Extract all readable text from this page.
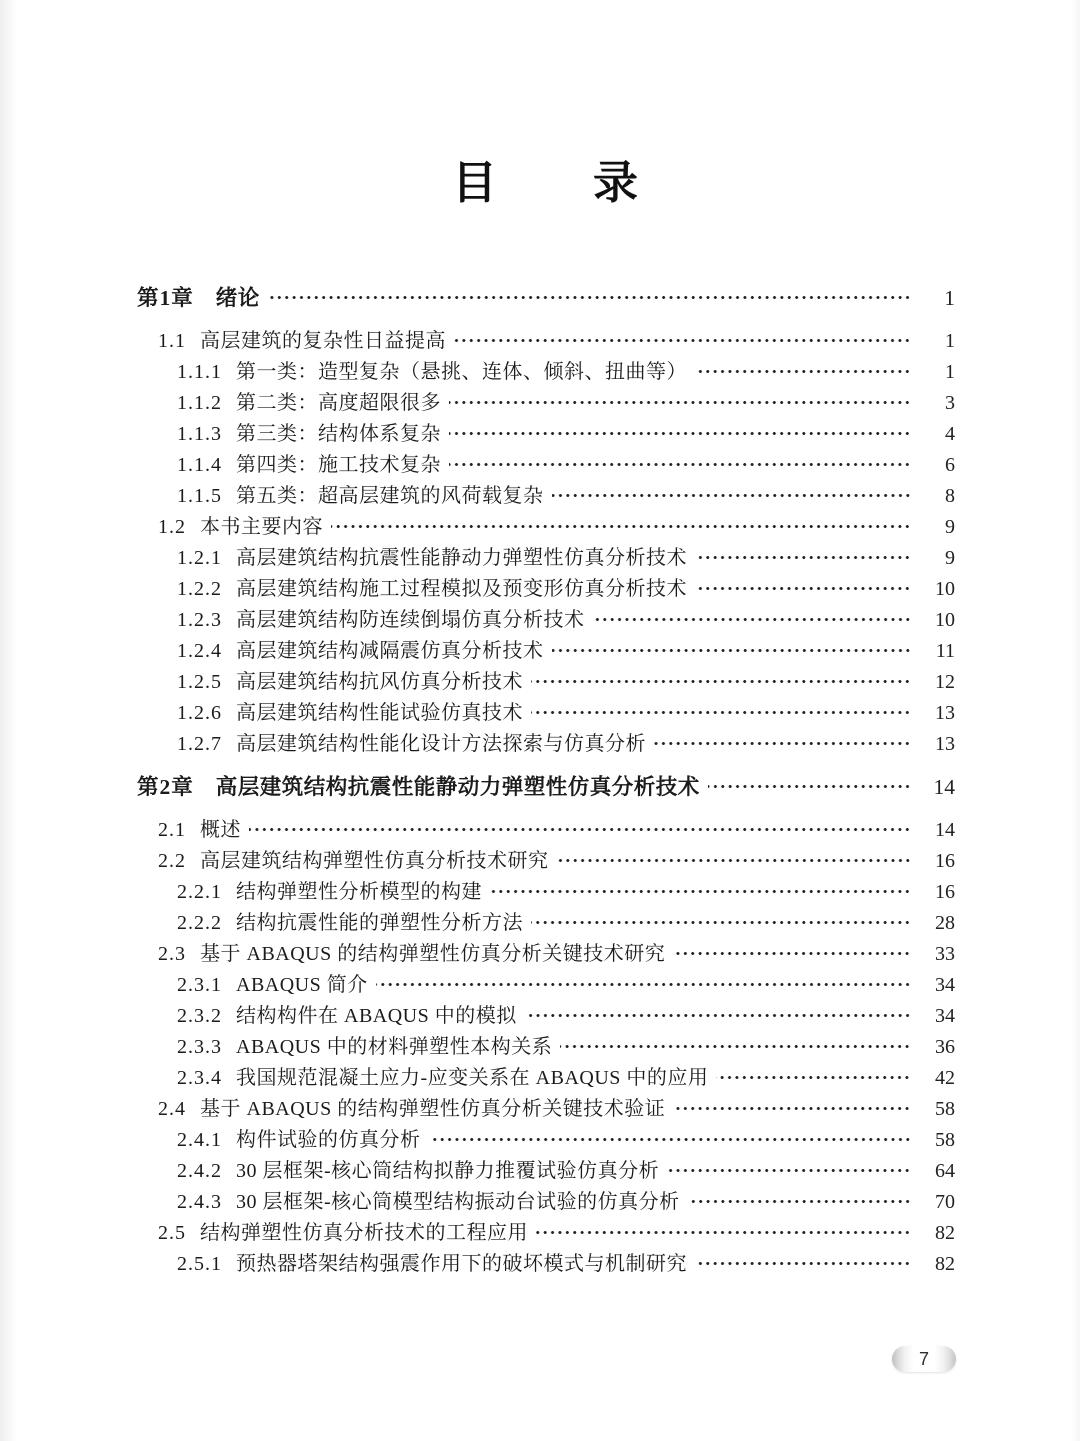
目　　录
第1章 绪论	1
1.1 高层建筑的复杂性日益提高	1
1.1.1 第一类：造型复杂（悬挑、连体、倾斜、扭曲等）	1
1.1.2 第二类：高度超限很多	3
1.1.3 第三类：结构体系复杂	4
1.1.4 第四类：施工技术复杂	6
1.1.5 第五类：超高层建筑的风荷载复杂	8
1.2 本书主要内容	9
1.2.1 高层建筑结构抗震性能静动力弹塑性仿真分析技术	9
1.2.2 高层建筑结构施工过程模拟及预变形仿真分析技术	10
1.2.3 高层建筑结构防连续倒塌仿真分析技术	10
1.2.4 高层建筑结构减隔震仿真分析技术	11
1.2.5 高层建筑结构抗风仿真分析技术	12
1.2.6 高层建筑结构性能试验仿真技术	13
1.2.7 高层建筑结构性能化设计方法探索与仿真分析	13
第2章 高层建筑结构抗震性能静动力弹塑性仿真分析技术	14
2.1 概述	14
2.2 高层建筑结构弹塑性仿真分析技术研究	16
2.2.1 结构弹塑性分析模型的构建	16
2.2.2 结构抗震性能的弹塑性分析方法	28
2.3 基于 ABAQUS 的结构弹塑性仿真分析关键技术研究	33
2.3.1 ABAQUS 简介	34
2.3.2 结构构件在 ABAQUS 中的模拟	34
2.3.3 ABAQUS 中的材料弹塑性本构关系	36
2.3.4 我国规范混凝土应力-应变关系在 ABAQUS 中的应用	42
2.4 基于 ABAQUS 的结构弹塑性仿真分析关键技术验证	58
2.4.1 构件试验的仿真分析	58
2.4.2 30 层框架-核心筒结构拟静力推覆试验仿真分析	64
2.4.3 30 层框架-核心筒模型结构振动台试验的仿真分析	70
2.5 结构弹塑性仿真分析技术的工程应用	82
2.5.1 预热器塔架结构强震作用下的破坏模式与机制研究	82
7
